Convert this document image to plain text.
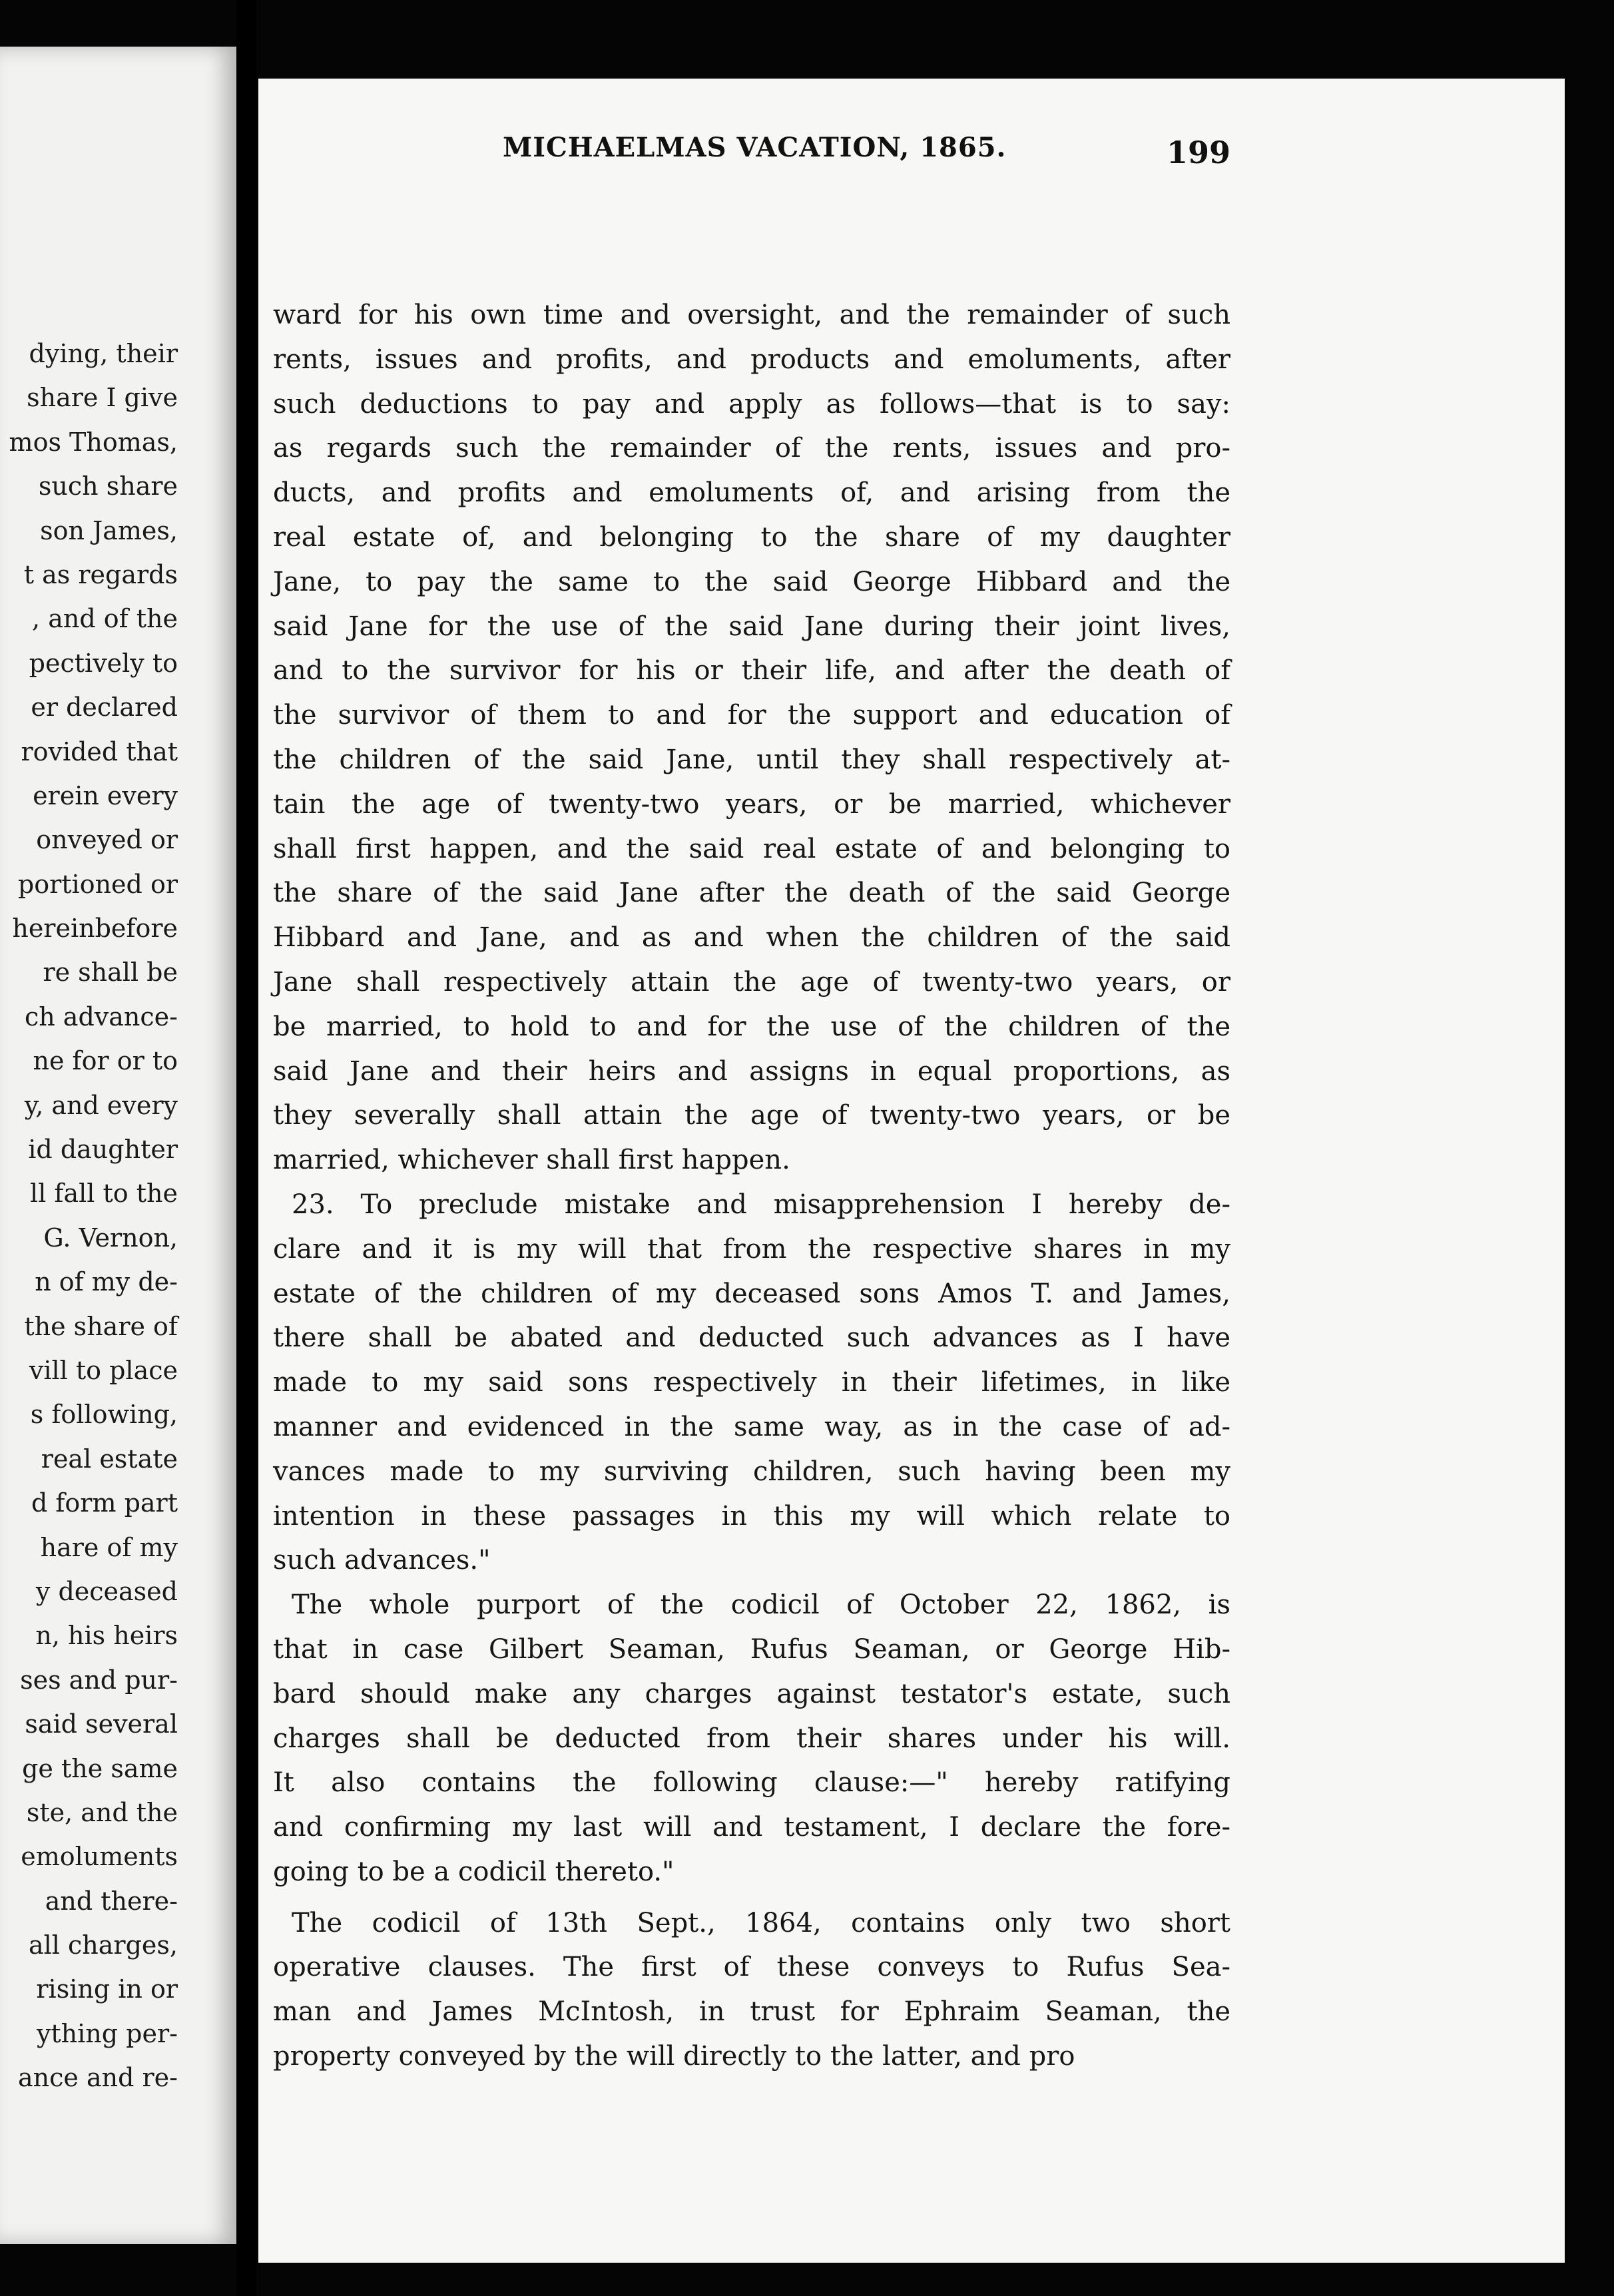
dying, their
share I give
mos Thomas,
such share
son James,
t as regards
, and of the
pectively to
er declared
rovided that
erein every
onveyed or
portioned or
hereinbefore
re shall be
ch advance-
ne for or to
y, and every
id daughter
ll fall to the
G. Vernon,
n of my de-
the share of
vill to place
s following,
real estate
d form part
hare of my
y deceased
n, his heirs
ses and pur-
said several
ge the same
ste, and the
emoluments
and there-
all charges,
rising in or
ything per-
ance and re-
MICHAELMAS VACATION, 1865.	199
ward for his own time and oversight, and the remainder of such
rents, issues and profits, and products and emoluments, after
such deductions to pay and apply as follows—that is to say:
as regards such the remainder of the rents, issues and pro-
ducts, and profits and emoluments of, and arising from the
real estate of, and belonging to the share of my daughter
Jane, to pay the same to the said George Hibbard and the
said Jane for the use of the said Jane during their joint lives,
and to the survivor for his or their life, and after the death of
the survivor of them to and for the support and education of
the children of the said Jane, until they shall respectively at-
tain the age of twenty-two years, or be married, whichever
shall first happen, and the said real estate of and belonging to
the share of the said Jane after the death of the said George
Hibbard and Jane, and as and when the children of the said
Jane shall respectively attain the age of twenty-two years, or
be married, to hold to and for the use of the children of the
said Jane and their heirs and assigns in equal proportions, as
they severally shall attain the age of twenty-two years, or be
married, whichever shall first happen.
23. To preclude mistake and misapprehension I hereby de-
clare and it is my will that from the respective shares in my
estate of the children of my deceased sons Amos T. and James,
there shall be abated and deducted such advances as I have
made to my said sons respectively in their lifetimes, in like
manner and evidenced in the same way, as in the case of ad-
vances made to my surviving children, such having been my
intention in these passages in this my will which relate to
such advances."
The whole purport of the codicil of October 22, 1862, is
that in case Gilbert Seaman, Rufus Seaman, or George Hib-
bard should make any charges against testator's estate, such
charges shall be deducted from their shares under his will.
It also contains the following clause:—" hereby ratifying
and confirming my last will and testament, I declare the fore-
going to be a codicil thereto."
The codicil of 13th Sept., 1864, contains only two short
operative clauses. The first of these conveys to Rufus Sea-
man and James McIntosh, in trust for Ephraim Seaman, the
property conveyed by the will directly to the latter, and pro
